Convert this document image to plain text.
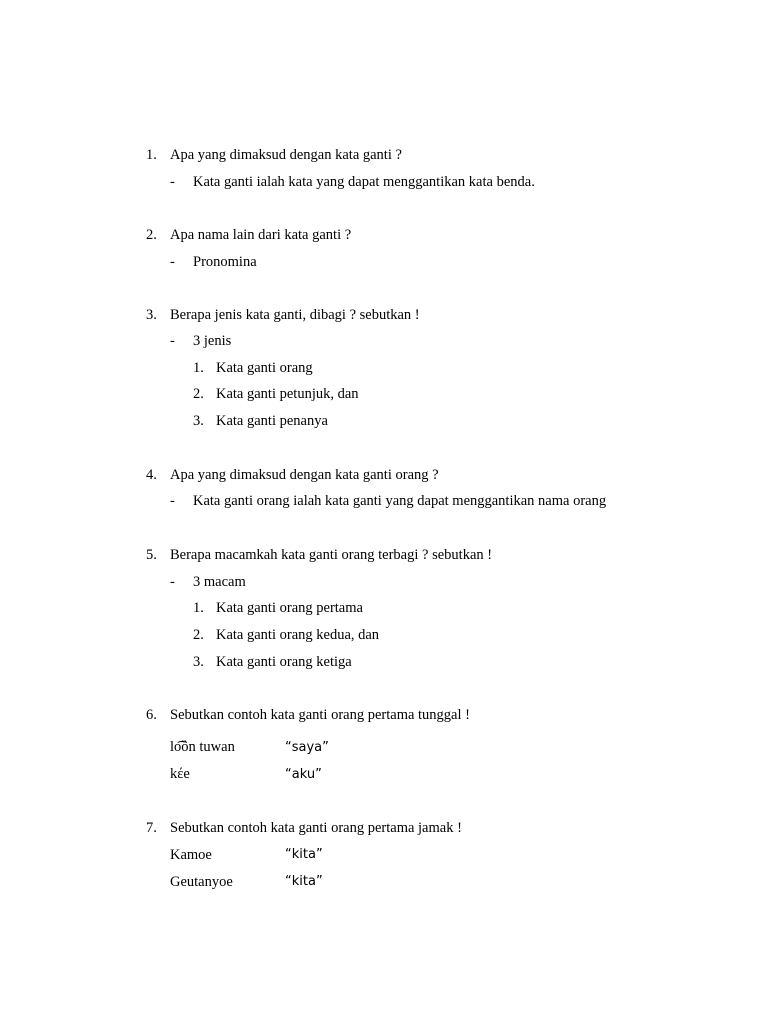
1. Apa yang dimaksud dengan kata ganti ?
- Kata ganti ialah kata yang dapat menggantikan kata benda.
2. Apa nama lain dari kata ganti ?
- Pronomina
3. Berapa jenis kata ganti, dibagi ? sebutkan !
- 3 jenis
1. Kata ganti orang
2. Kata ganti petunjuk, dan
3. Kata ganti penanya
4. Apa yang dimaksud dengan kata ganti orang ?
- Kata ganti orang ialah kata ganti yang dapat menggantikan nama orang
5. Berapa macamkah kata ganti orang terbagi ? sebutkan !
- 3 macam
1. Kata ganti orang pertama
2. Kata ganti orang kedua, dan
3. Kata ganti orang ketiga
6. Sebutkan contoh kata ganti orang pertama tunggal !
lo͡ȍn tuwan	“saya”
kέe	“aku”
7. Sebutkan contoh kata ganti orang pertama jamak !
Kamoe	“kita”
Geutanyoe	“kita”
